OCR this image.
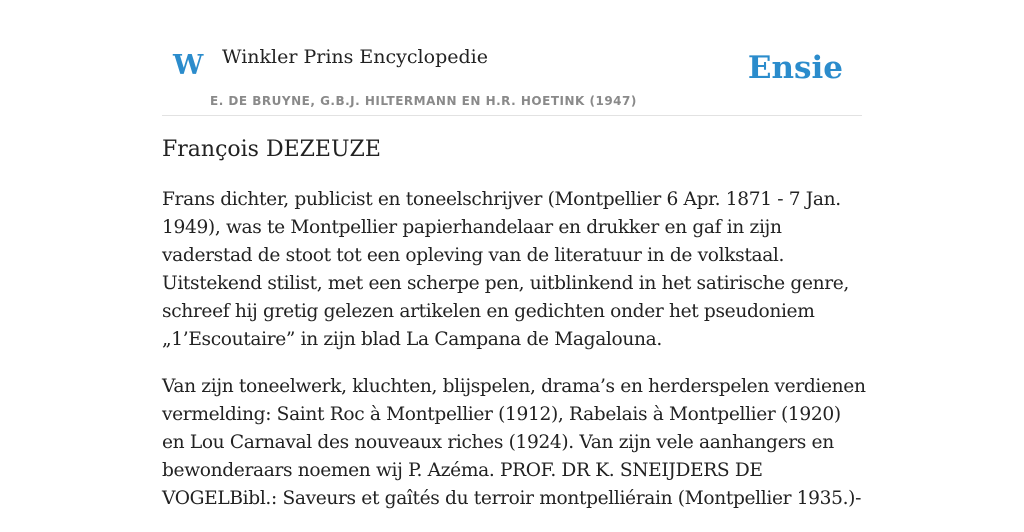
W Winkler Prins Encyclopedie
E. DE BRUYNE, G.B.J. HILTERMANN EN H.R. HOETINK (1947)
Ensie
François DEZEUZE

Frans dichter, publicist en toneelschrijver (Montpellier 6 Apr. 1871 - 7 Jan. 1949), was te Montpellier papierhandelaar en drukker en gaf in zijn vaderstad de stoot tot een opleving van de literatuur in de volkstaal. Uitstekend stilist, met een scherpe pen, uitblinkend in het satirische genre, schreef hij gretig gelezen artikelen en gedichten onder het pseudoniem „1’Escoutaire” in zijn blad La Campana de Magalouna.

Van zijn toneelwerk, kluchten, blijspelen, drama’s en herderspelen verdienen vermelding: Saint Roc à Montpellier (1912), Rabelais à Montpellier (1920) en Lou Carnaval des nouveaux riches (1924). Van zijn vele aanhangers en bewonderaars noemen wij P. Azéma. PROF. DR K. SNEIJDERS DE VOGELBibl.: Saveurs et gaîtés du terroir montpelliérain (Montpellier 1935.)-
